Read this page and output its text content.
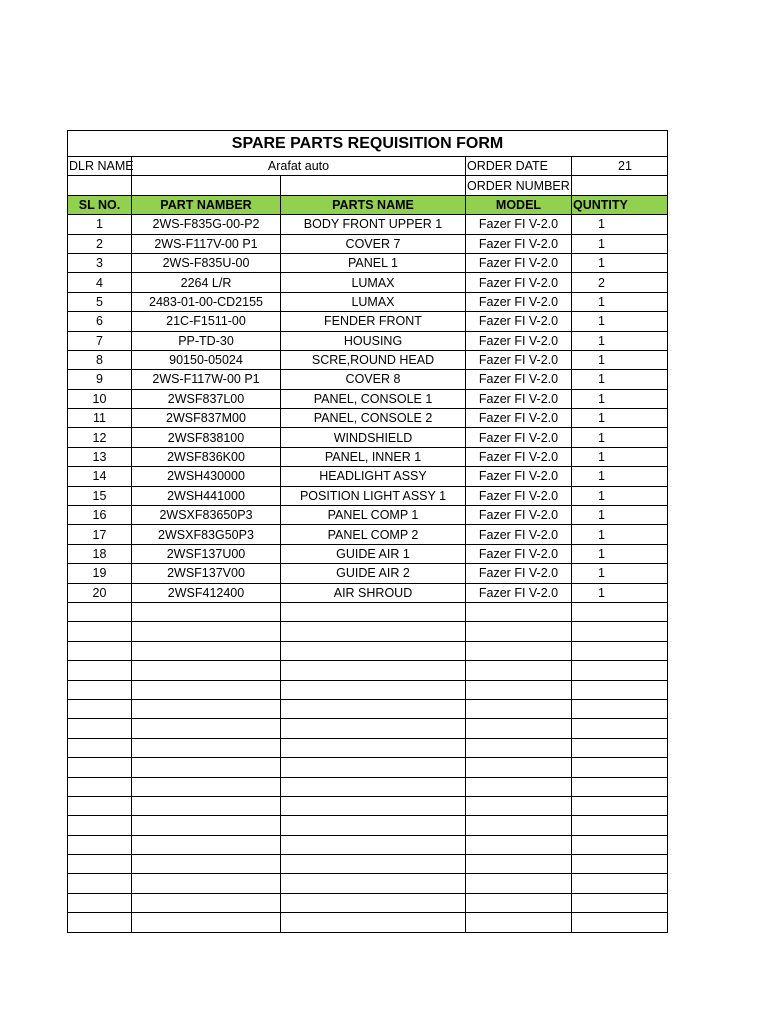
SPARE PARTS REQUISITION FORM				
DLR NAME	Arafat auto		ORDER DATE	21
			ORDER NUMBER	
SL NO.	PART NAMBER	PARTS NAME	MODEL	QUNTITY
1	2WS-F835G-00-P2	BODY FRONT UPPER 1	Fazer FI V-2.0	1
2	2WS-F117V-00 P1	COVER 7	Fazer FI V-2.0	1
3	2WS-F835U-00	PANEL 1	Fazer FI V-2.0	1
4	2264 L/R	LUMAX	Fazer FI V-2.0	2
5	2483-01-00-CD2155	LUMAX	Fazer FI V-2.0	1
6	21C-F1511-00	FENDER FRONT	Fazer FI V-2.0	1
7	PP-TD-30	HOUSING	Fazer FI V-2.0	1
8	90150-05024	SCRE,ROUND HEAD	Fazer FI V-2.0	1
9	2WS-F117W-00 P1	COVER 8	Fazer FI V-2.0	1
10	2WSF837L00	PANEL, CONSOLE 1	Fazer FI V-2.0	1
11	2WSF837M00	PANEL, CONSOLE 2	Fazer FI V-2.0	1
12	2WSF838100	WINDSHIELD	Fazer FI V-2.0	1
13	2WSF836K00	PANEL, INNER 1	Fazer FI V-2.0	1
14	2WSH430000	HEADLIGHT ASSY	Fazer FI V-2.0	1
15	2WSH441000	POSITION LIGHT ASSY 1	Fazer FI V-2.0	1
16	2WSXF83650P3	PANEL COMP 1	Fazer FI V-2.0	1
17	2WSXF83G50P3	PANEL COMP 2	Fazer FI V-2.0	1
18	2WSF137U00	GUIDE AIR 1	Fazer FI V-2.0	1
19	2WSF137V00	GUIDE AIR 2	Fazer FI V-2.0	1
20	2WSF412400	AIR SHROUD	Fazer FI V-2.0	1
